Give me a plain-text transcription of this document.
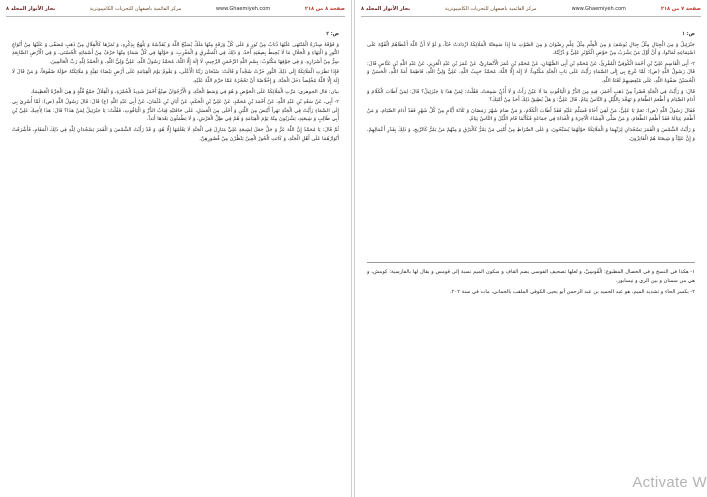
صفحة ٨ من ٢١٨
www.Ghaemiyeh.com
مركز القائمية باصفهان للتحريات الكامپيوترية
بحار الأنوار المجلد ٨
ص: ٢

وَ فَوْقَهُ سِدْرَةُ الْمُنْتَهَى عَلَيْهَا ذُبَابٌ مِنْ نُورٍ وَ عَلَى كُلِّ وَرَقَةٍ مِنْهَا مَلَكٌ يُسَبِّحُ اللَّهَ وَ يُقَدِّسُهُ وَ يَلْهَجُ بِذِكْرِهِ، وَ ثَمَرُهَا كَالْقِلَالِ مِنْ ذَهَبٍ مُصَفّى وَ عَلَيْهَا مِنْ أَنْوَاعِ النُّورِ وَ الْبَهَاءِ وَ الْجَلَالِ مَا لَا يُحِيطُ بِصِفَتِهِ أَحَدٌ، وَ ذَلِكَ فِي الْمَشْرِقِ وَ الْمَغْرِبِ، وَ حَوْلَهَا فِي كُلِّ سَمَاءٍ مِنْهَا حَرْفٌ مِنْ أَسْمَائِهِ الْحُسْنَى، وَ فِي الْأَرْضِ السَّابِعَةِ سِرٌّ مِنْ أَسْرَارِهِ. وَ فِي جَوْفِهَا مَكْتُوبٌ: بِسْمِ اللَّهِ الرَّحْمَنِ الرَّحِيمِ، لَا إِلَهَ إِلَّا اللَّهُ، مُحَمَّدٌ رَسُولُ اللَّهِ، عَلِيٌّ وَلِيُّ اللَّهِ، وَ الْحَمْدُ لِلَّهِ رَبِّ الْعَالَمِينَ.

فَإِذَا نَظَرَتِ الْمَلَائِكَةُ إِلَى ذَلِكَ النُّورِ خَرَّتْ سُجَّداً وَ قَالَتْ: سُبْحَانَ رَبِّنَا الْأَعْلَى، وَ يَقُومُ يَوْمَ الْقِيَامَةِ عَلَى أَرْضٍ بَيْضَاءَ نَقِيَّةٍ وَ مَلَائِكَتُهُ حَوْلَهُ صُفُوفاً، وَ مَنْ قَالَ لَا إِلَهَ إِلَّا اللَّهُ مُخْلِصاً دَخَلَ الْجَنَّةَ، وَ إِخْلَاصُهُ أَنْ تَحْجُزَهُ عَمَّا حَرَّمَ اللَّهُ عَلَيْهِ.

بيان: قال الجوهري: مَرَّتِ الْمَلَائِكَةُ عَلَى الْحَوْضِ وَ هُوَ فِي وَسَطِ الْجَنَّةِ، وَ الْأَرْجُوَانُ صِبْغٌ أَحْمَرُ شَدِيدُ الْحُمْرَةِ، وَ الْقِلَالُ جَمْعُ قُلَّةٍ وَ هِيَ الْجَرَّةُ الْعَظِيمَةُ.

٢- أَبِي، عَنْ سَعْدِ بْنِ عَبْدِ اللَّهِ، عَنْ أَحْمَدَ بْنِ مُحَمَّدٍ، عَنْ عَلِيِّ بْنِ الْحَكَمِ، عَنْ أَبَانِ بْنِ عُثْمَانَ، عَنْ أَبِي عَبْدِ اللَّهِ (ع) قَالَ: قَالَ رَسُولُ اللَّهِ (ص): لَمَّا أُسْرِيَ بِي إِلَى السَّمَاءِ رَأَيْتُ فِي الْجَنَّةِ نَهَراً أَبْيَضَ مِنَ اللَّبَنِ وَ أَحْلَى مِنَ الْعَسَلِ، عَلَى حَافَتَيْهِ قِبَابُ الدُّرِّ وَ الْيَاقُوتِ، فَقُلْتُ: يَا جَبْرَئِيلُ لِمَنْ هَذَا؟ قَالَ: هَذَا لِأَخِيكَ عَلِيِّ بْنِ أَبِي طَالِبٍ وَ شِيعَتِهِ، يَشْرَبُونَ مِنْهُ يَوْمَ الْقِيَامَةِ وَ هُمْ فِي ظِلِّ الْعَرْشِ، وَ لَا يَظْمَئُونَ بَعْدَهَا أَبَداً.

ثُمَّ قَالَ: يَا مُحَمَّدُ إِنَّ اللَّهَ عَزَّ وَ جَلَّ جَعَلَ لِشِيعَةِ عَلِيٍّ مَنَازِلَ فِي الْجَنَّةِ لَا يَعْلَمُهَا إِلَّا هُوَ، وَ قَدْ رَأَيْتُ الشَّمْسَ وَ الْقَمَرَ يَسْجُدَانِ لِلَّهِ فِي ذَلِكَ الْمَقَامِ، فَأَشْرَقَتْ أَنْوَارُهُمَا عَلَى أَهْلِ الْجَنَّةِ، وَ كَانَتِ الْحُورُ الْعِينُ يَنْظُرْنَ مِنْ قُصُورِهِنَّ.

صفحة ٧ من ٢١٨
www.Ghaemiyeh.com
مركز القائمية باصفهان للتحريات الكامپيوترية
بحار الأنوار المجلد ٨
ص: ١

جَبْرَئِيلُ وَ مِنَ الْجِبَالِ مِثْلُ جِبَالِ يُوسُفَ وَ مِنَ الْعِلْمِ مِثْلُ عِلْمِ رِضْوَانَ وَ مِنَ الصَّوْتِ مَا إِذَا سَمِعَتْهُ الْمَلَائِكَةُ ازْدَادَتْ حُبّاً، وَ لَوْ لَا أَنَّ اللَّهَ أَعْطَاهُمُ الْقُوَّةَ عَلَى اسْتِمَاعِهِ لَمَاتُوا، وَ أَنَّ أَوَّلَ مَنْ يَشْرَبُ مِنْ حَوْضِ الْكَوْثَرِ عَلِيٌّ وَ ذُرِّيَّتُهُ.

٢- أَبِي الْقَاسِمِ عَلِيِّ بْنِ أَحْمَدَ الْكُوفِيِّ الْمُقْرِئُ، عَنْ مُحَمَّدِ بْنِ أَبِي الصُّهْبَانِ، عَنْ مُحَمَّدِ بْنِ عُمَرَ الْأَنْصَارِيِّ، عَنْ عُمَرَ بْنِ عَبْدِ الْعَزِيزِ، عَنْ عَبْدِ اللَّهِ بْنِ عَبَّاسٍ قَالَ: قَالَ رَسُولُ اللَّهِ (ص): لَمَّا عُرِجَ بِي إِلَى السَّمَاءِ رَأَيْتُ عَلَى بَابِ الْجَنَّةِ مَكْتُوباً: لَا إِلَهَ إِلَّا اللَّهُ، مُحَمَّدٌ حَبِيبُ اللَّهِ، عَلِيٌّ وَلِيُّ اللَّهِ، فَاطِمَةُ أَمَةُ اللَّهِ، الْحَسَنُ وَ الْحُسَيْنُ صَفْوَةُ اللَّهِ، عَلَى مُبْغِضِيهِمْ لَعْنَةُ اللَّهِ.

قَالَ: وَ رَأَيْتُ فِي الْجَنَّةِ قَصْراً مِنْ ذَهَبٍ أَحْمَرَ، فِيهِ مِنَ الدُّرِّ وَ الْيَاقُوتِ مَا لَا عَيْنٌ رَأَتْ وَ لَا أُذُنٌ سَمِعَتْ، فَقُلْتُ: لِمَنْ هَذَا يَا جَبْرَئِيلُ؟ قَالَ: لِمَنْ أَطَابَ الْكَلَامَ وَ أَدَامَ الصِّيَامَ وَ أَطْعَمَ الطَّعَامَ وَ تَهَجَّدَ بِاللَّيْلِ وَ النَّاسُ نِيَامٌ. قَالَ عَلِيٌّ: وَ هَلْ يُطِيقُ ذَلِكَ أَحَدٌ مِنْ أُمَّتِكَ؟

فَقَالَ رَسُولُ اللَّهِ (ص): نَعَمْ يَا عَلِيُّ، مَنْ لَقِيَ أَخَاهُ فَسَلَّمَ عَلَيْهِ فَقَدْ أَطَابَ الْكَلَامَ، وَ مَنْ صَامَ شَهْرَ رَمَضَانَ وَ ثَلَاثَةَ أَيَّامٍ مِنْ كُلِّ شَهْرٍ فَقَدْ أَدَامَ الصِّيَامَ، وَ مَنْ أَطْعَمَ عِيَالَهُ فَقَدْ أَطْعَمَ الطَّعَامَ، وَ مَنْ صَلَّى الْعِشَاءَ الْآخِرَةَ وَ الْغَدَاةَ فِي جَمَاعَةٍ فَكَأَنَّمَا قَامَ اللَّيْلَ وَ النَّاسُ نِيَامٌ.

وَ رَأَيْتُ الشَّمْسَ وَ الْقَمَرَ يَسْجُدَانِ لِرَبِّهِمَا وَ الْمَلَائِكَةُ حَوْلَهُمَا يُسَبِّحُونَ، وَ عَلَى الصِّرَاطِ مِنْ أُمَّتِي مَنْ يَمُرُّ كَالْبَرْقِ وَ مِنْهُمْ مَنْ يَمُرُّ كَالرِّيحِ، وَ ذَلِكَ بِقَدْرِ أَعْمَالِهِمْ، وَ إِنَّ عَلِيّاً وَ شِيعَتَهُ هُمُ الْفَائِزُونَ.

١- هكذا في النسخ و في الخصال المطبوع: الْقُوسِيِّ، و لعلها تصحيف الفوسي بضم القاف و سكون الميم نسبة إلى قومس و يقال لها بالفارسية: كومش، و هي من سمنان و بين الري و نيسابور.

٢- بكسر الحاء و تشديد الميم، هو عبد الحميد بن عبد الرحمن أبو يحيى الكوفي الملقب بالحماني، مات في سنة ٢٠٢.

Activate W
